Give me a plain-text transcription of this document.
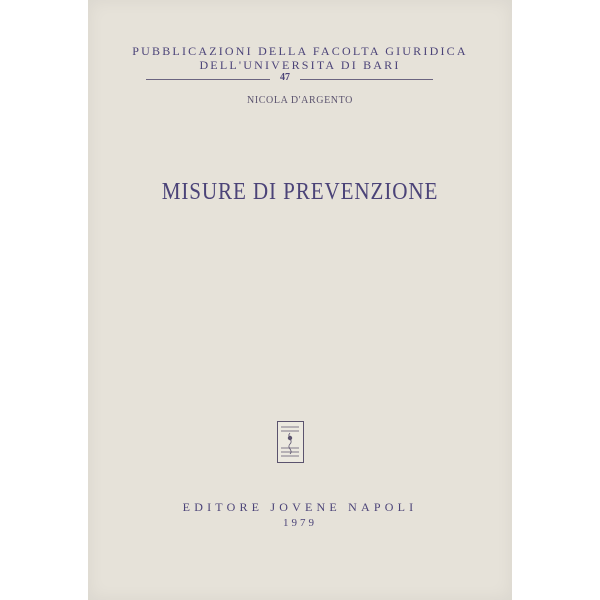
PUBBLICAZIONI DELLA FACOLTA GIURIDICA
DELL'UNIVERSITA DI BARI
47
NICOLA D'ARGENTO
MISURE DI PREVENZIONE
EDITORE JOVENE NAPOLI
1979
